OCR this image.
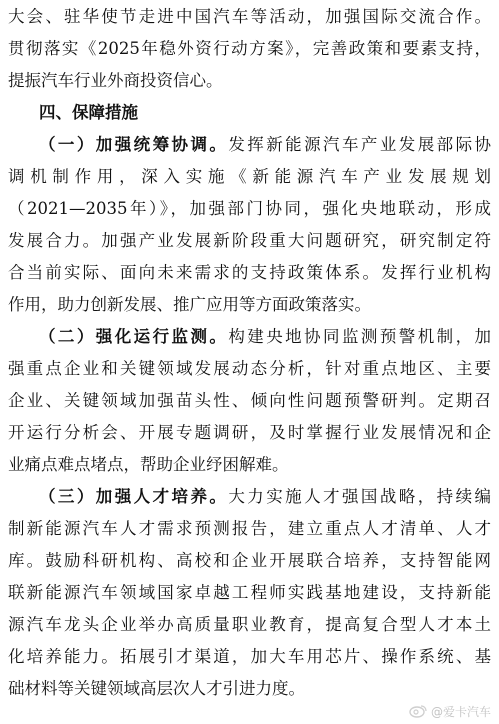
大会、驻华使节走进中国汽车等活动，加强国际交流合作。
贯彻落实《2025年稳外资行动方案》，完善政策和要素支持，
提振汽车行业外商投资信心。
四、保障措施
（一）加强统筹协调。发挥新能源汽车产业发展部际协
调机制作用，深入实施《新能源汽车产业发展规划
（2021—2035年）》，加强部门协同，强化央地联动，形成
发展合力。加强产业发展新阶段重大问题研究，研究制定符
合当前实际、面向未来需求的支持政策体系。发挥行业机构
作用，助力创新发展、推广应用等方面政策落实。
（二）强化运行监测。构建央地协同监测预警机制，加
强重点企业和关键领域发展动态分析，针对重点地区、主要
企业、关键领域加强苗头性、倾向性问题预警研判。定期召
开运行分析会、开展专题调研，及时掌握行业发展情况和企
业痛点难点堵点，帮助企业纾困解难。
（三）加强人才培养。大力实施人才强国战略，持续编
制新能源汽车人才需求预测报告，建立重点人才清单、人才
库。鼓励科研机构、高校和企业开展联合培养，支持智能网
联新能源汽车领域国家卓越工程师实践基地建设，支持新能
源汽车龙头企业举办高质量职业教育，提高复合型人才本土
化培养能力。拓展引才渠道，加大车用芯片、操作系统、基
础材料等关键领域高层次人才引进力度。
@爱卡汽车
